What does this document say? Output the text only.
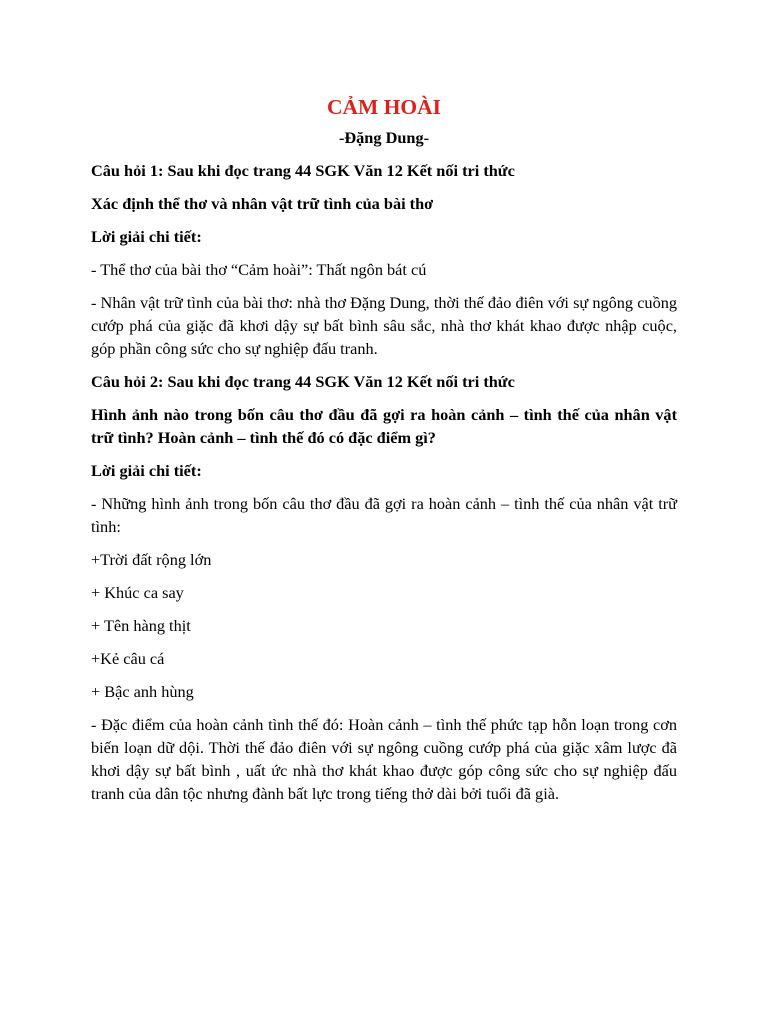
CẢM HOÀI
-Đặng Dung-

Câu hỏi 1: Sau khi đọc trang 44 SGK Văn 12 Kết nối tri thức

Xác định thể thơ và nhân vật trữ tình của bài thơ

Lời giải chi tiết:

- Thể thơ của bài thơ “Cảm hoài”: Thất ngôn bát cú

- Nhân vật trữ tình của bài thơ: nhà thơ Đặng Dung, thời thế đảo điên với sự ngông cuồng cướp phá của giặc đã khơi dậy sự bất bình sâu sắc, nhà thơ khát khao được nhập cuộc, góp phần công sức cho sự nghiệp đấu tranh.

Câu hỏi 2: Sau khi đọc trang 44 SGK Văn 12 Kết nối tri thức

Hình ảnh nào trong bốn câu thơ đầu đã gợi ra hoàn cảnh – tình thế của nhân vật trữ tình? Hoàn cảnh – tình thế đó có đặc điểm gì?

Lời giải chi tiết:

- Những hình ảnh trong bốn câu thơ đầu đã gợi ra hoàn cảnh – tình thế của nhân vật trữ tình:

+Trời đất rộng lớn

+ Khúc ca say

+ Tên hàng thịt

+Kẻ câu cá

+ Bậc anh hùng

- Đặc điểm của hoàn cảnh tình thế đó: Hoàn cảnh – tình thế phức tạp hỗn loạn trong cơn biến loạn dữ dội. Thời thế đảo điên với sự ngông cuồng cướp phá của giặc xâm lược đã khơi dậy sự bất bình , uất ức nhà thơ khát khao được góp công sức cho sự nghiệp đấu tranh của dân tộc nhưng đành bất lực trong tiếng thở dài bởi tuổi đã già.
